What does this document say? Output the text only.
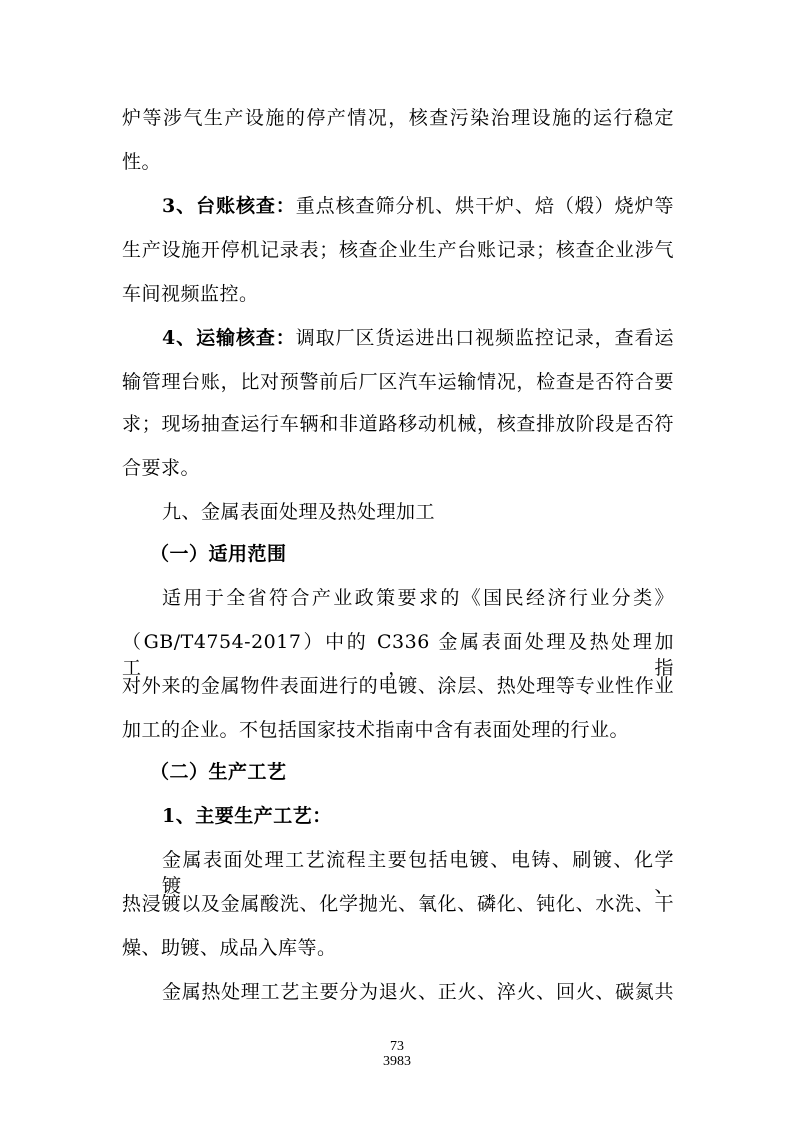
炉等涉气生产设施的停产情况，核查污染治理设施的运行稳定
性。
3、台账核查：重点核查筛分机、烘干炉、焙（煅）烧炉等
生产设施开停机记录表；核查企业生产台账记录；核查企业涉气
车间视频监控。
4、运输核查：调取厂区货运进出口视频监控记录，查看运
输管理台账，比对预警前后厂区汽车运输情况，检查是否符合要
求；现场抽查运行车辆和非道路移动机械，核查排放阶段是否符
合要求。
九、金属表面处理及热处理加工
（一）适用范围
适用于全省符合产业政策要求的《国民经济行业分类》
（GB/T4754-2017）中的 C336 金属表面处理及热处理加工，指
对外来的金属物件表面进行的电镀、涂层、热处理等专业性作业
加工的企业。不包括国家技术指南中含有表面处理的行业。
（二）生产工艺
1、主要生产工艺：
金属表面处理工艺流程主要包括电镀、电铸、刷镀、化学镀、
热浸镀以及金属酸洗、化学抛光、氧化、磷化、钝化、水洗、干
燥、助镀、成品入库等。
金属热处理工艺主要分为退火、正火、淬火、回火、碳氮共
73
3983
